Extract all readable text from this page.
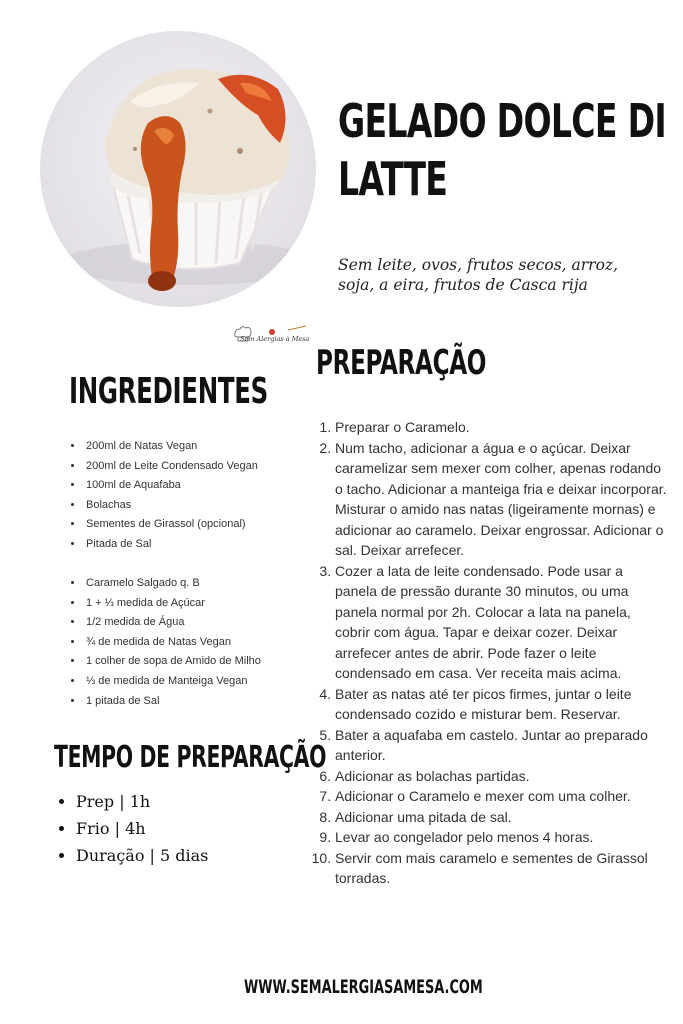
GELADO DOLCE DI
LATTE
Sem leite, ovos, frutos secos, arroz, soja, a eira, frutos de Casca rija
Sem Alergias à Mesa
PREPARAÇÃO
INGREDIENTES
• 200ml de Natas Vegan
• 200ml de Leite Condensado Vegan
• 100ml de Aquafaba
• Bolachas
• Sementes de Girassol (opcional)
• Pitada de Sal
• Caramelo Salgado q. B
• 1 + ⅓ medida de Açúcar
• 1/2 medida de Água
• ¾ de medida de Natas Vegan
• 1 colher de sopa de Amido de Milho
• ⅓ de medida de Manteiga Vegan
• 1 pitada de Sal
TEMPO DE PREPARAÇÃO
• Prep | 1h
• Frio | 4h
• Duração | 5 dias
1. Preparar o Caramelo.
2. Num tacho, adicionar a água e o açúcar. Deixar caramelizar sem mexer com colher, apenas rodando o tacho. Adicionar a manteiga fria e deixar incorporar. Misturar o amido nas natas (ligeiramente mornas) e adicionar ao caramelo. Deixar engrossar. Adicionar o sal. Deixar arrefecer.
3. Cozer a lata de leite condensado. Pode usar a panela de pressão durante 30 minutos, ou uma panela normal por 2h. Colocar a lata na panela, cobrir com água. Tapar e deixar cozer. Deixar arrefecer antes de abrir. Pode fazer o leite condensado em casa. Ver receita mais acima.
4. Bater as natas até ter picos firmes, juntar o leite condensado cozido e misturar bem. Reservar.
5. Bater a aquafaba em castelo. Juntar ao preparado anterior.
6. Adicionar as bolachas partidas.
7. Adicionar o Caramelo e mexer com uma colher.
8. Adicionar uma pitada de sal.
9. Levar ao congelador pelo menos 4 horas.
10. Servir com mais caramelo e sementes de Girassol torradas.
WWW.SEMALERGIASAMESA.COM
